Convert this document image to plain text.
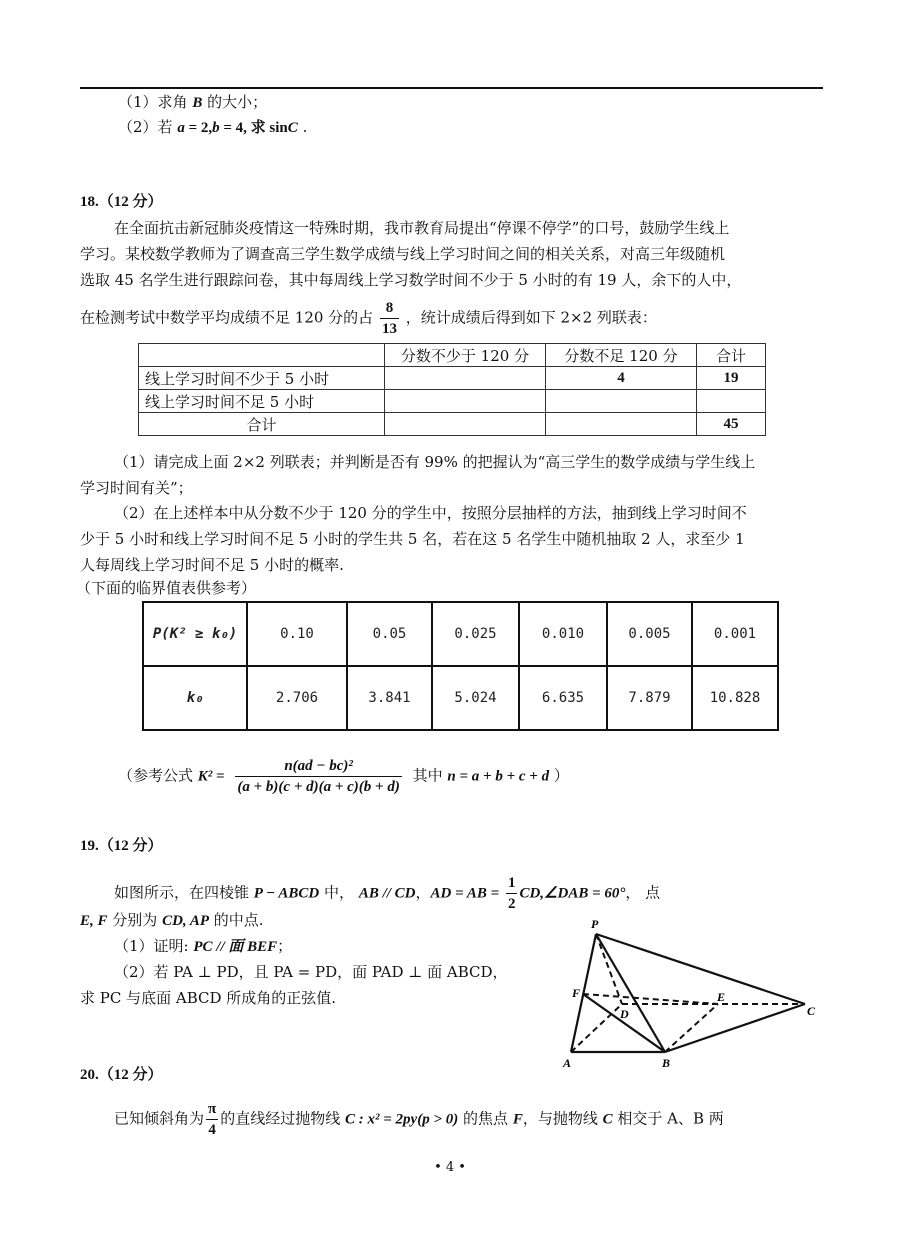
（1）求角 B 的大小；
（2）若 a = 2,b = 4, 求 sinC .
18.（12 分）
在全面抗击新冠肺炎疫情这一特殊时期，我市教育局提出“停课不停学”的口号，鼓励学生线上
学习。某校数学教师为了调查高三学生数学成绩与线上学习时间之间的相关关系，对高三年级随机
选取 45 名学生进行跟踪问卷，其中每周线上学习数学时间不少于 5 小时的有 19 人，余下的人中，
在检测考试中数学平均成绩不足 120 分的占 $\frac{8}{13}$ ，统计成绩后得到如下 2×2 列联表：
	分数不少于 120 分	分数不足 120 分	合计
线上学习时间不少于 5 小时		4	19
线上学习时间不足 5 小时			
合计			45
（1）请完成上面 2×2 列联表；并判断是否有 99% 的把握认为“高三学生的数学成绩与学生线上
学习时间有关”；
（2）在上述样本中从分数不少于 120 分的学生中，按照分层抽样的方法，抽到线上学习时间不
少于 5 小时和线上学习时间不足 5 小时的学生共 5 名，若在这 5 名学生中随机抽取 2 人，求至少 1
人每周线上学习时间不足 5 小时的概率.
（下面的临界值表供参考）
P(K² ≥ k₀)	0.10	0.05	0.025	0.010	0.005	0.001
k₀	2.706	3.841	5.024	6.635	7.879	10.828
（参考公式 $K^2 = \frac{\text{n(ad − bc)²}}{(a + b)(c + d)(a + c)(b + d)}$ 其中 n = a + b + c + d ）
19.（12 分）
如图所示，在四棱锥 P − ABCD 中， AB // CD，AD = AB = $\frac{1}{2}$ CD,∠DAB = 60°， 点
E, F 分别为 CD, AP 的中点.
（1）证明: PC // 面 BEF；
（2）若 PA ⊥ PD，且 PA = PD，面 PAD ⊥ 面 ABCD，
求 PC 与底面 ABCD 所成角的正弦值.
P
F
D
E
C
A	B
20.（12 分）
已知倾斜角为 $\frac{\pi}{4}$ 的直线经过抛物线 C : x² = 2py(p > 0) 的焦点 F，与抛物线 C 相交于 A、B 两
• 4 •
